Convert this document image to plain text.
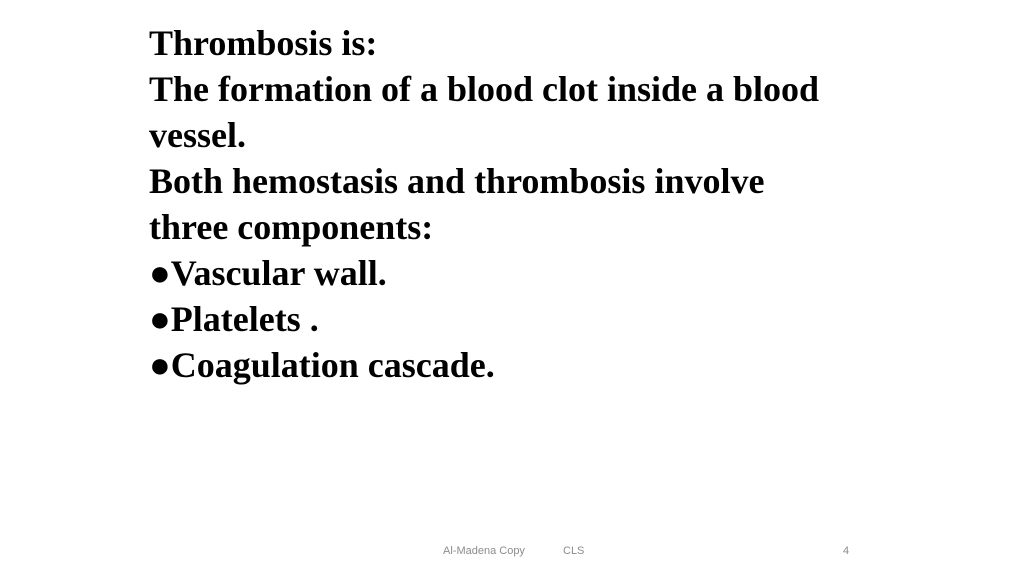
Thrombosis is:
The formation of a blood clot inside a blood
vessel.
Both hemostasis and thrombosis involve
three components:
●Vascular wall.
●Platelets .
●Coagulation cascade.
Al-Madena Copy	CLS	4
